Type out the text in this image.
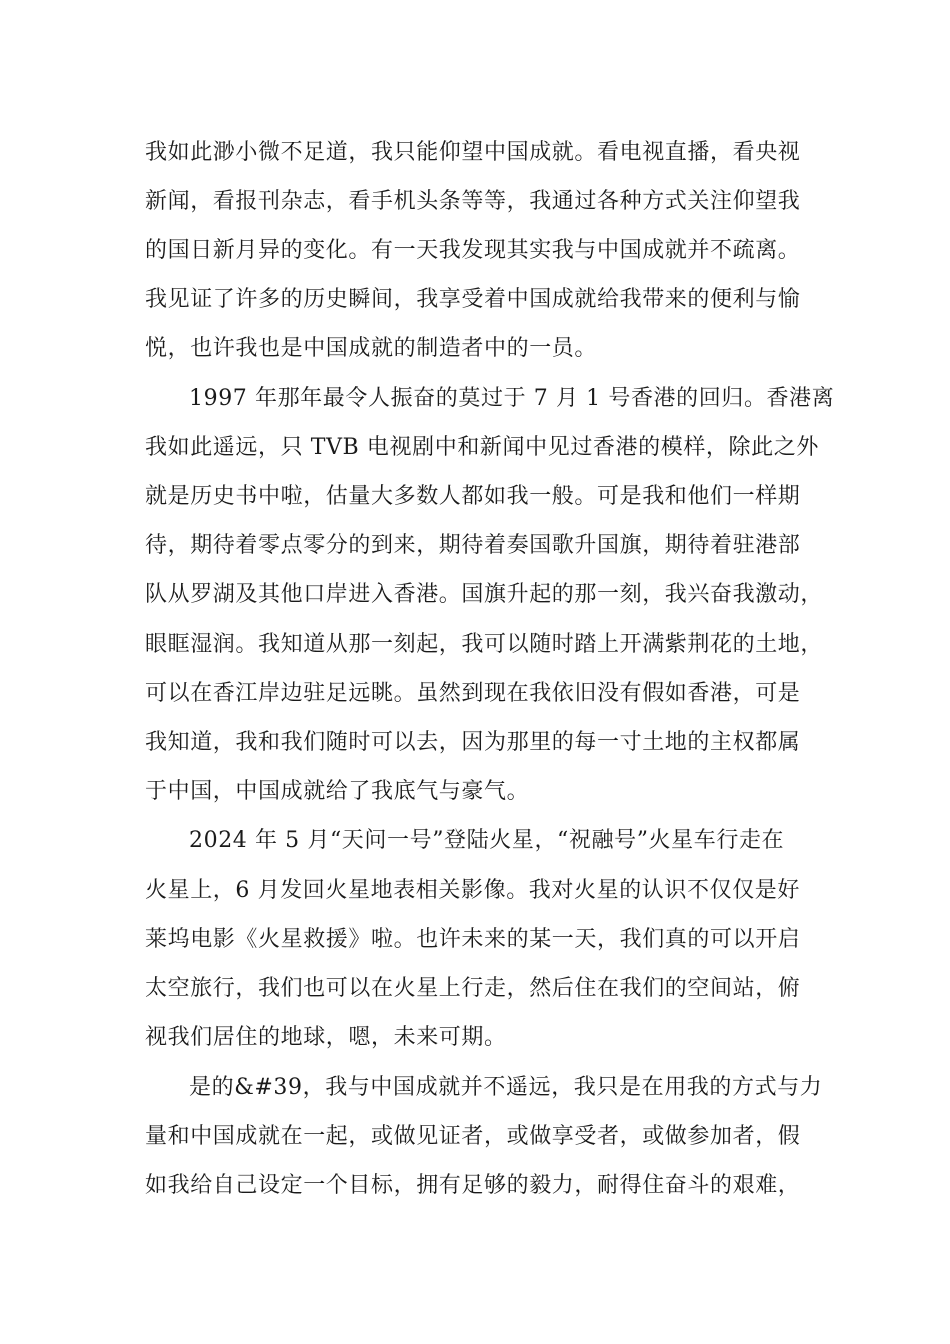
我如此渺小微不足道，我只能仰望中国成就。看电视直播，看央视
新闻，看报刊杂志，看手机头条等等，我通过各种方式关注仰望我
的国日新月异的变化。有一天我发现其实我与中国成就并不疏离。
我见证了许多的历史瞬间，我享受着中国成就给我带来的便利与愉
悦，也许我也是中国成就的制造者中的一员。
1997 年那年最令人振奋的莫过于 7 月 1 号香港的回归。香港离
我如此遥远，只 TVB 电视剧中和新闻中见过香港的模样，除此之外
就是历史书中啦，估量大多数人都如我一般。可是我和他们一样期
待，期待着零点零分的到来，期待着奏国歌升国旗，期待着驻港部
队从罗湖及其他口岸进入香港。国旗升起的那一刻，我兴奋我激动，
眼眶湿润。我知道从那一刻起，我可以随时踏上开满紫荆花的土地，
可以在香江岸边驻足远眺。虽然到现在我依旧没有假如香港，可是
我知道，我和我们随时可以去，因为那里的每一寸土地的主权都属
于中国，中国成就给了我底气与豪气。
2024 年 5 月“天问一号”登陆火星，“祝融号”火星车行走在
火星上，6 月发回火星地表相关影像。我对火星的认识不仅仅是好
莱坞电影《火星救援》啦。也许未来的某一天，我们真的可以开启
太空旅行，我们也可以在火星上行走，然后住在我们的空间站，俯
视我们居住的地球，嗯，未来可期。
是的&#39，我与中国成就并不遥远，我只是在用我的方式与力
量和中国成就在一起，或做见证者，或做享受者，或做参加者，假
如我给自己设定一个目标，拥有足够的毅力，耐得住奋斗的艰难，
